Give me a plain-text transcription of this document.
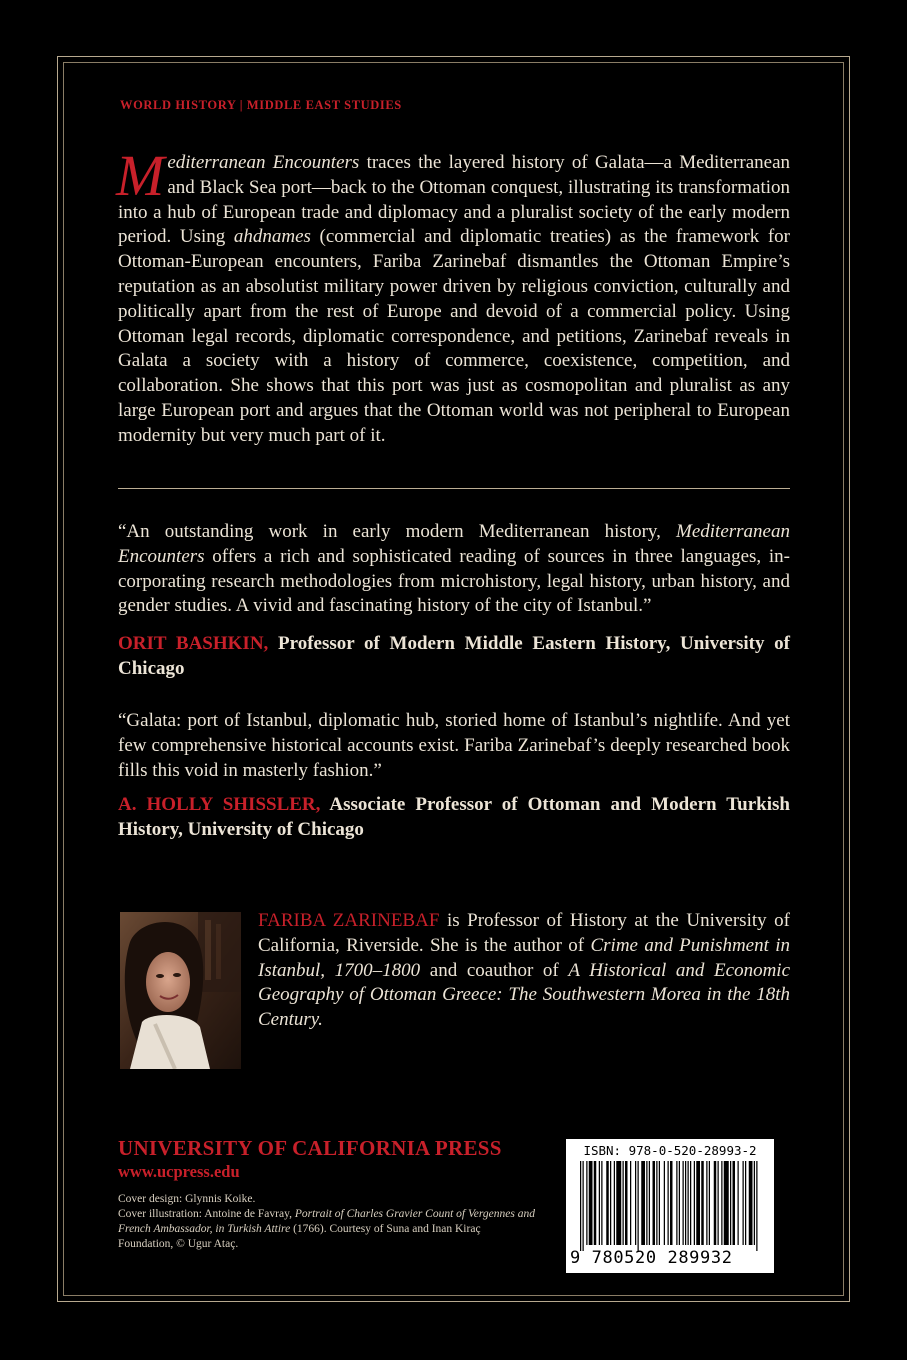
WORLD HISTORY | MIDDLE EAST STUDIES
Mediterranean Encounters traces the layered history of Galata—a Mediterranean and Black Sea port—back to the Ottoman conquest, illustrating its transformation into a hub of European trade and diplomacy and a pluralist society of the early modern period. Using ahdnames (commercial and diplomatic treaties) as the framework for Ottoman-European encounters, Fariba Zarinebaf dismantles the Ottoman Empire’s reputation as an absolutist military power driven by religious conviction, culturally and politically apart from the rest of Europe and devoid of a commercial policy. Using Ottoman legal records, diplomatic correspondence, and petitions, Zarinebaf reveals in Galata a society with a history of commerce, coexistence, competition, and collaboration. She shows that this port was just as cosmopolitan and pluralist as any large European port and argues that the Ottoman world was not peripheral to European modernity but very much part of it.
“An outstanding work in early modern Mediterranean history, Mediterranean Encounters offers a rich and sophisticated reading of sources in three languages, incorporating research methodologies from microhistory, legal history, urban history, and gender studies. A vivid and fascinating history of the city of Istanbul.”
ORIT BASHKIN, Professor of Modern Middle Eastern History, University of Chicago
“Galata: port of Istanbul, diplomatic hub, storied home of Istanbul’s nightlife. And yet few comprehensive historical accounts exist. Fariba Zarinebaf’s deeply researched book fills this void in masterly fashion.”
A. HOLLY SHISSLER, Associate Professor of Ottoman and Modern Turkish History, University of Chicago
FARIBA ZARINEBAF is Professor of History at the University of California, Riverside. She is the author of Crime and Punishment in Istanbul, 1700–1800 and coauthor of A Historical and Economic Geography of Ottoman Greece: The Southwestern Morea in the 18th Century.
UNIVERSITY OF CALIFORNIA PRESS
www.ucpress.edu
Cover design: Glynnis Koike.
Cover illustration: Antoine de Favray, Portrait of Charles Gravier Count of Vergennes and French Ambassador, in Turkish Attire (1766). Courtesy of Suna and Inan Kiraç Foundation, © Ugur Ataç.
ISBN: 978-0-520-28993-2
9 780520 289932
